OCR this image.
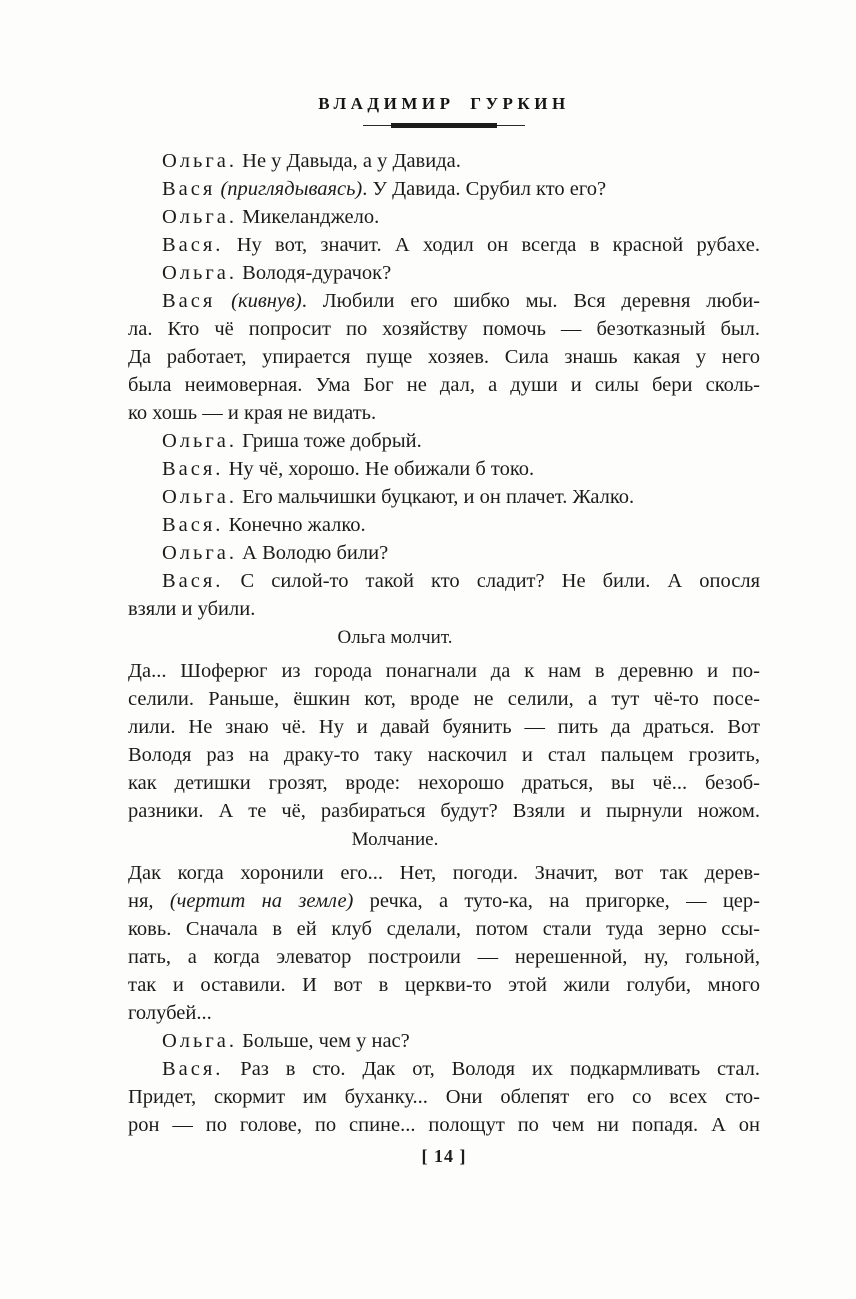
ВЛАДИМИР ГУРКИН
Ольга. Не у Давыда, а у Давида.
Вася (приглядываясь). У Давида. Срубил кто его?
Ольга. Микеланджело.
Вася. Ну вот, значит. А ходил он всегда в красной рубахе.
Ольга. Володя-дурачок?
Вася (кивнув). Любили его шибко мы. Вся деревня люби-
ла. Кто чё попросит по хозяйству помочь — безотказный был.
Да работает, упирается пуще хозяев. Сила знашь какая у него
была неимоверная. Ума Бог не дал, а души и силы бери сколь-
ко хошь — и края не видать.
Ольга. Гриша тоже добрый.
Вася. Ну чё, хорошо. Не обижали б токо.
Ольга. Его мальчишки буцкают, и он плачет. Жалко.
Вася. Конечно жалко.
Ольга. А Володю били?
Вася. С силой-то такой кто сладит? Не били. А опосля
взяли и убили.
Ольга молчит.
Да... Шоферюг из города понагнали да к нам в деревню и по-
селили. Раньше, ёшкин кот, вроде не селили, а тут чё-то посе-
лили. Не знаю чё. Ну и давай буянить — пить да драться. Вот
Володя раз на драку-то таку наскочил и стал пальцем грозить,
как детишки грозят, вроде: нехорошо драться, вы чё... безоб-
разники. А те чё, разбираться будут? Взяли и пырнули ножом.
Молчание.
Дак когда хоронили его... Нет, погоди. Значит, вот так дерев-
ня, (чертит на земле) речка, а туто-ка, на пригорке, — цер-
ковь. Сначала в ей клуб сделали, потом стали туда зерно ссы-
пать, а когда элеватор построили — нерешенной, ну, гольной,
так и оставили. И вот в церкви-то этой жили голуби, много
голубей...
Ольга. Больше, чем у нас?
Вася. Раз в сто. Дак от, Володя их подкармливать стал.
Придет, скормит им буханку... Они облепят его со всех сто-
рон — по голове, по спине... полощут по чем ни попадя. А он
[ 14 ]
